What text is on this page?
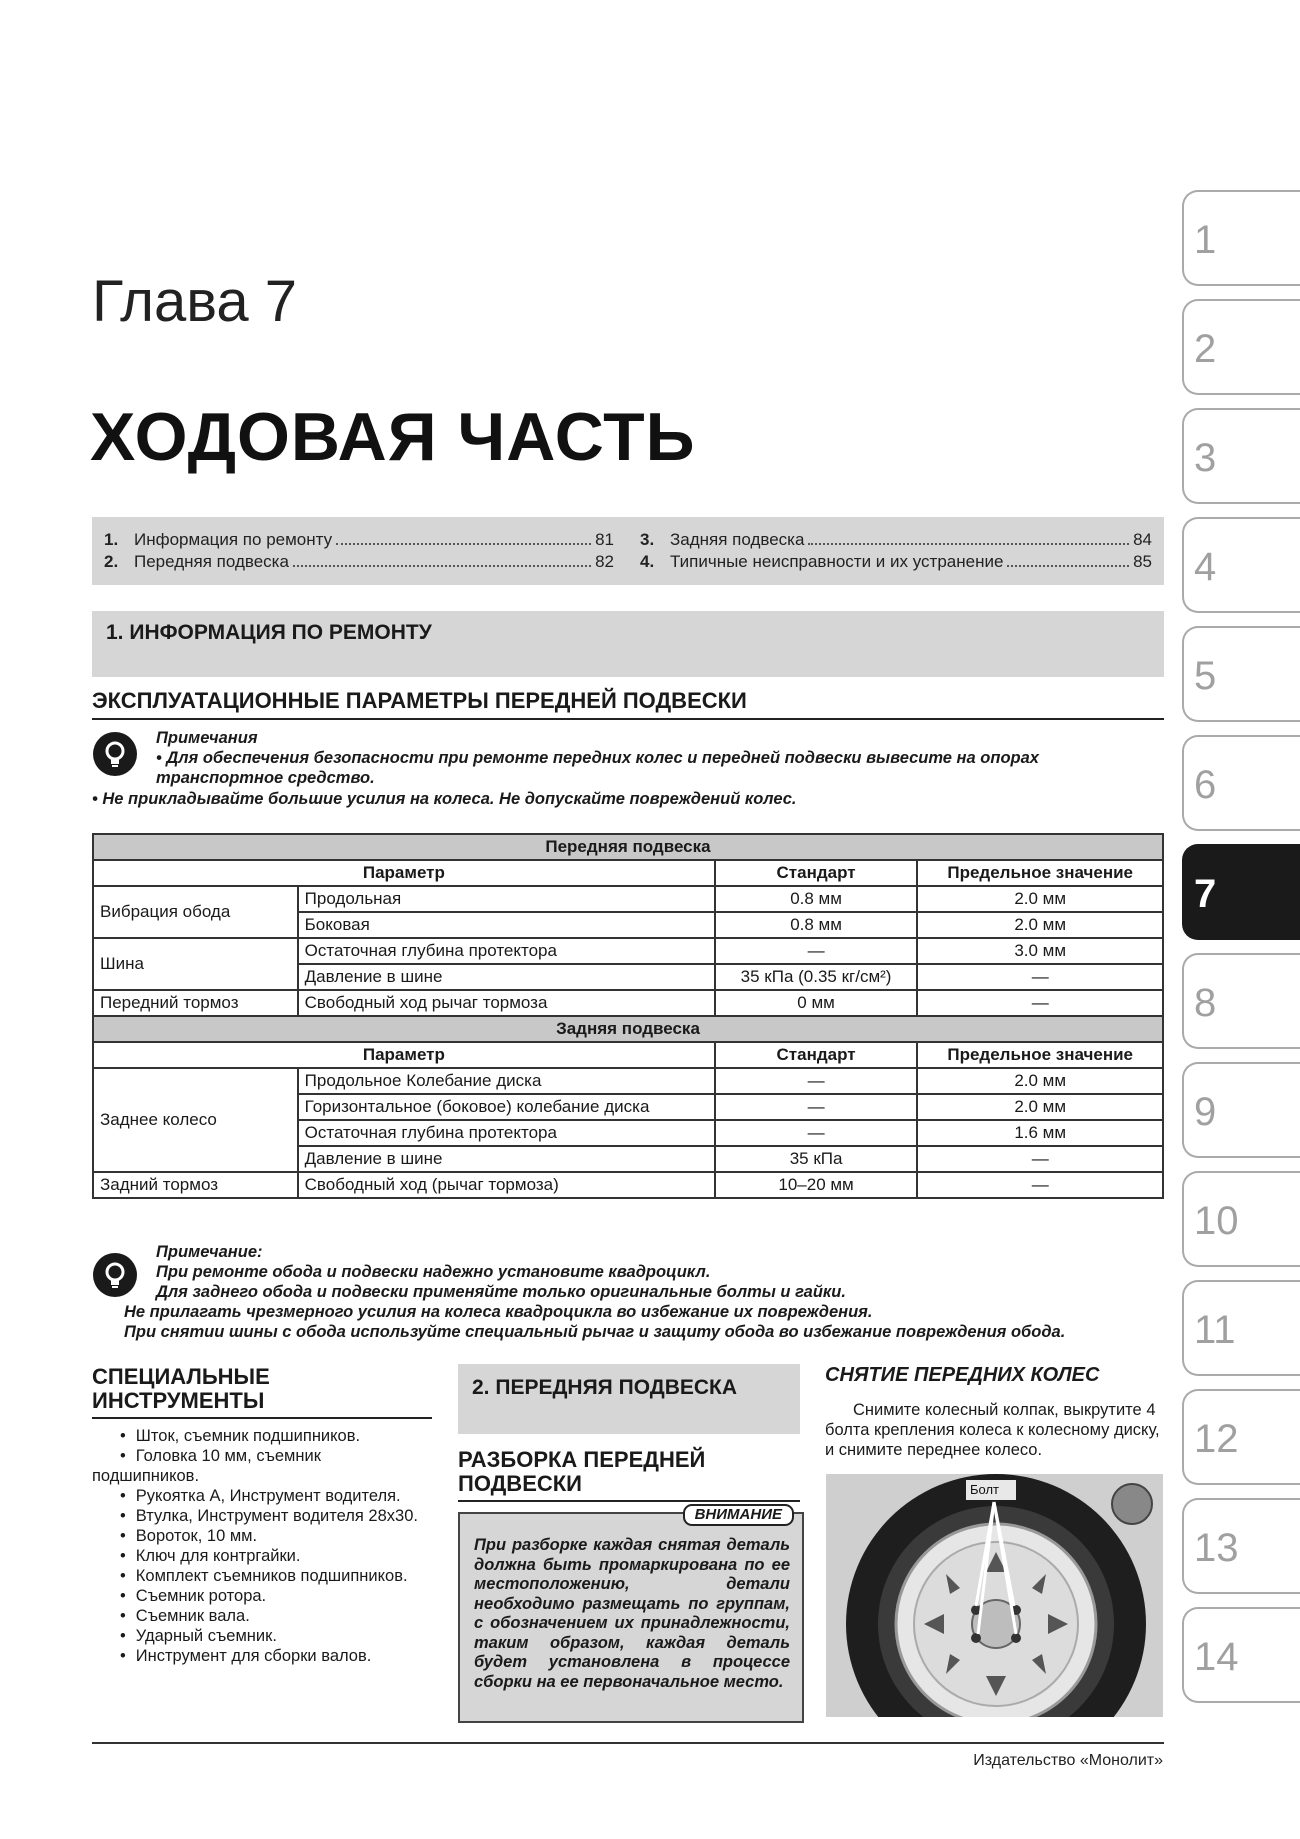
Глава 7
ХОДОВАЯ ЧАСТЬ
1. Информация по ремонту	81
2. Передняя подвеска	82
3. Задняя подвеска	84
4. Типичные неисправности и их устранение	85
1. ИНФОРМАЦИЯ ПО РЕМОНТУ
ЭКСПЛУАТАЦИОННЫЕ ПАРАМЕТРЫ ПЕРЕДНЕЙ ПОДВЕСКИ
Примечания
• Для обеспечения безопасности при ремонте передних колес и передней подвески вывесите на опорах транспортное средство.
• Не прикладывайте большие усилия на колеса. Не допускайте повреждений колес.
Передняя подвеска			
Параметр		Стандарт	Предельное значение
Вибрация обода	Продольная	0.8 мм	2.0 мм
	Боковая	0.8 мм	2.0 мм
Шина	Остаточная глубина протектора	—	3.0 мм
	Давление в шине	35 кПа (0.35 кг/см²)	—
Передний тормоз	Свободный ход рычаг тормоза	0 мм	—
Задняя подвеска			
Параметр		Стандарт	Предельное значение
Заднее колесо	Продольное Колебание диска	—	2.0 мм
	Горизонтальное (боковое) колебание диска	—	2.0 мм
	Остаточная глубина протектора	—	1.6 мм
	Давление в шине	35 кПа	—
Задний тормоз	Свободный ход (рычаг тормоза)	10–20 мм	—
Примечание:
При ремонте обода и подвески надежно установите квадроцикл.
Для заднего обода и подвески применяйте только оригинальные болты и гайки.
Не прилагать чрезмерного усилия на колеса квадроцикла во избежание их повреждения.
При снятии шины с обода используйте специальный рычаг и защиту обода во избежание повреждения обода.
СПЕЦИАЛЬНЫЕ ИНСТРУМЕНТЫ
• Шток, съемник подшипников.
• Головка 10 мм, съемник подшипников.
• Рукоятка А, Инструмент водителя.
• Втулка, Инструмент водителя 28х30.
• Вороток, 10 мм.
• Ключ для контргайки.
• Комплект съемников подшипников.
• Съемник ротора.
• Съемник вала.
• Ударный съемник.
• Инструмент для сборки валов.
2. ПЕРЕДНЯЯ ПОДВЕСКА
РАЗБОРКА ПЕРЕДНЕЙ ПОДВЕСКИ
ВНИМАНИЕ
При разборке каждая снятая деталь должна быть промаркирована по ее местоположению, детали необходимо размещать по группам, с обозначением их принадлежности, таким образом, каждая деталь будет установлена в процессе сборки на ее первоначальное место.
СНЯТИЕ ПЕРЕДНИХ КОЛЕС
Снимите колесный колпак, выкрутите 4 болта крепления колеса к колесному диску, и снимите переднее колесо.
Болт
Издательство «Монолит»
1
2
3
4
5
6
7
8
9
10
11
12
13
14
